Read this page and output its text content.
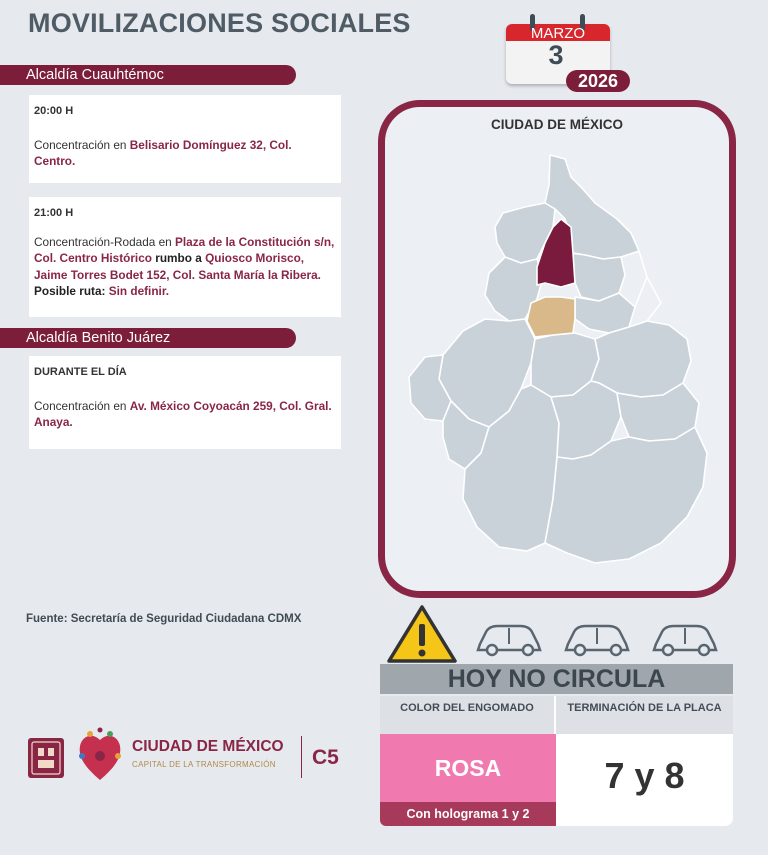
MOVILIZACIONES SOCIALES	MARZO
3
2026
Alcaldía Cuauhtémoc
20:00 H
Concentración en Belisario Domínguez 32, Col. Centro.
21:00 H
Concentración-Rodada en Plaza de la Constitución s/n, Col. Centro Histórico rumbo a Quiosco Morisco, Jaime Torres Bodet 152, Col. Santa María la Ribera. Posible ruta: Sin definir.
Alcaldía Benito Juárez
DURANTE EL DÍA
Concentración en Av. México Coyoacán 259, Col. Gral. Anaya.
Fuente: Secretaría de Seguridad Ciudadana CDMX
CIUDAD DE MÉXICO
CIUDAD DE MÉXICO
CAPITAL DE LA TRANSFORMACIÓN C5
HOY NO CIRCULA
COLOR DEL ENGOMADO	TERMINACIÓN DE LA PLACA
ROSA
Con holograma 1 y 2
7 y 8
